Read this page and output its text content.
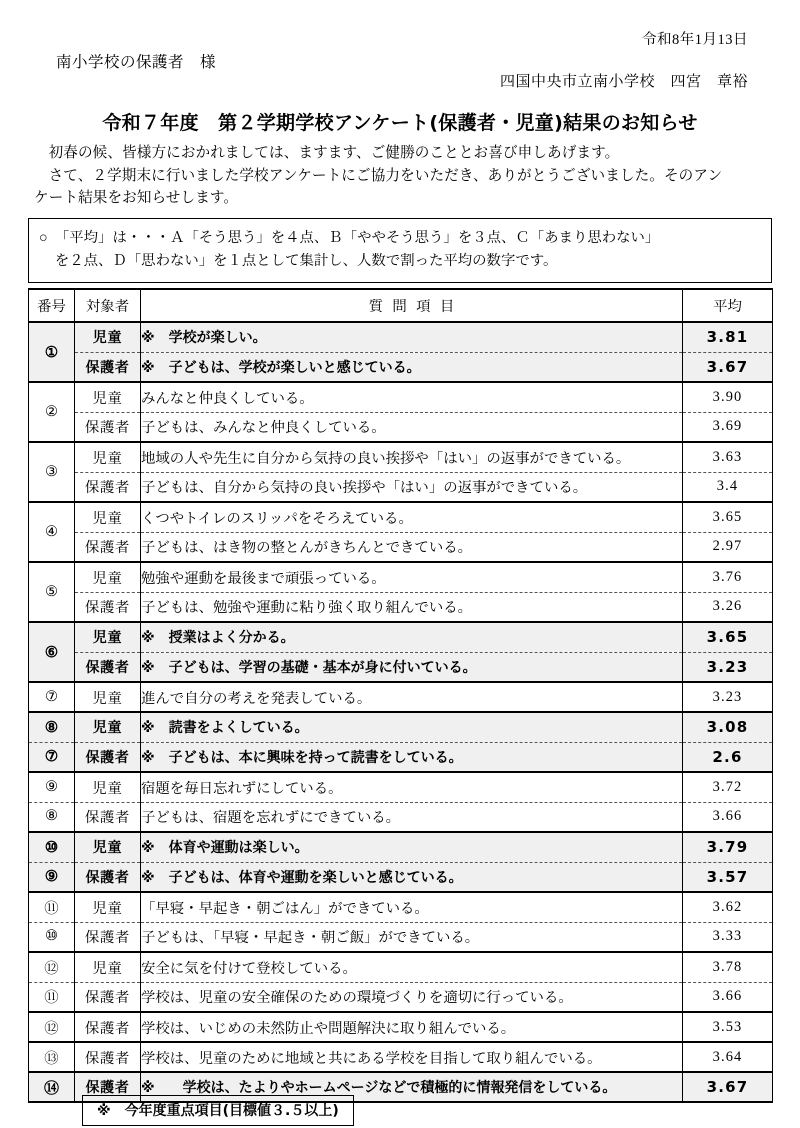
令和8年1月13日
南小学校の保護者　様
四国中央市立南小学校　四宮　章裕
令和７年度　第２学期学校アンケート(保護者・児童)結果のお知らせ

初春の候、皆様方におかれましては、ますます、ご健勝のこととお喜び申しあげます。

さて、２学期末に行いました学校アンケートにご協力をいただき、ありがとうございました。そのアン

ケート結果をお知らせします。

○　「平均」は・・・Ａ「そう思う」を４点、Ｂ「ややそう思う」を３点、Ｃ「あまり思わない」

を２点、Ｄ「思わない」を１点として集計し、人数で割った平均の数字です。

番号	対象者	質問項目	平均
①	児童	※　学校が楽しい。	3.81
	保護者	※　子どもは、学校が楽しいと感じている。	3.67
②	児童	みんなと仲良くしている。	3.90
	保護者	子どもは、みんなと仲良くしている。	3.69
③	児童	地域の人や先生に自分から気持の良い挨拶や「はい」の返事ができている。	3.63
	保護者	子どもは、自分から気持の良い挨拶や「はい」の返事ができている。	3.4
④	児童	くつやトイレのスリッパをそろえている。	3.65
	保護者	子どもは、はき物の整とんがきちんとできている。	2.97
⑤	児童	勉強や運動を最後まで頑張っている。	3.76
	保護者	子どもは、勉強や運動に粘り強く取り組んでいる。	3.26
⑥	児童	※　授業はよく分かる。	3.65
	保護者	※　子どもは、学習の基礎・基本が身に付いている。	3.23
⑦	児童	進んで自分の考えを発表している。	3.23
⑧	児童	※　読書をよくしている。	3.08
⑦	保護者	※　子どもは、本に興味を持って読書をしている。	2.6
⑨	児童	宿題を毎日忘れずにしている。	3.72
⑧	保護者	子どもは、宿題を忘れずにできている。	3.66
⑩	児童	※　体育や運動は楽しい。	3.79
⑨	保護者	※　子どもは、体育や運動を楽しいと感じている。	3.57
⑪	児童	「早寝・早起き・朝ごはん」ができている。	3.62
⑩	保護者	子どもは、「早寝・早起き・朝ご飯」ができている。	3.33
⑫	児童	安全に気を付けて登校している。	3.78
⑪	保護者	学校は、児童の安全確保のための環境づくりを適切に行っている。	3.66
⑫	保護者	学校は、いじめの未然防止や問題解決に取り組んでいる。	3.53
⑬	保護者	学校は、児童のために地域と共にある学校を目指して取り組んでいる。	3.64
⑭	保護者	※　　学校は、たよりやホームページなどで積極的に情報発信をしている。	3.67
※　今年度重点項目(目標値３.５以上)
